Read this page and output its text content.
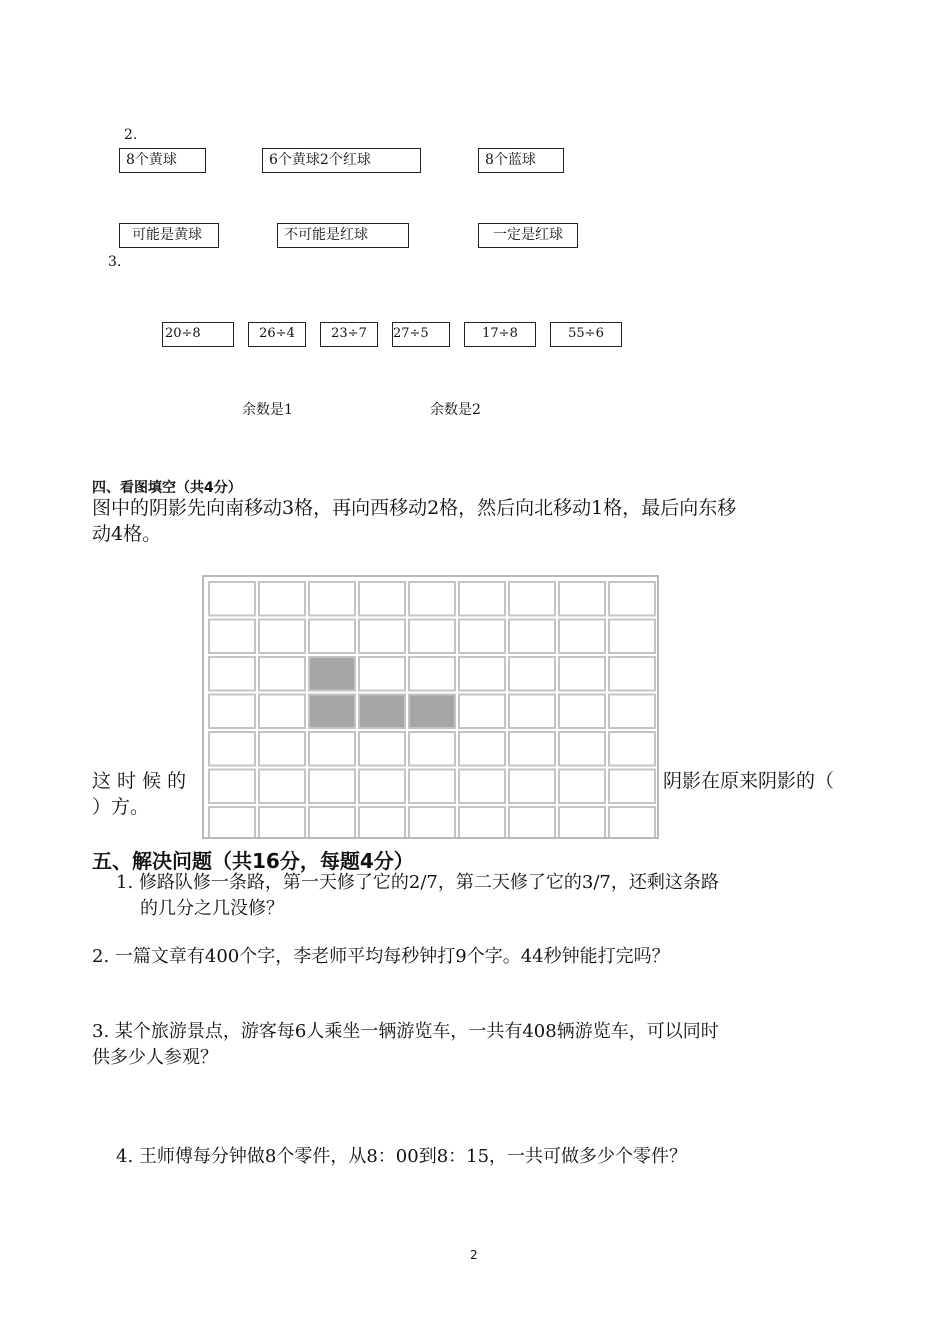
2.
8个黄球	6个黄球2个红球	8个蓝球
可能是黄球	不可能是红球	一定是红球
3.
20÷8	26÷4	23÷7	27÷5	17÷8	55÷6
余数是1	余数是2
四、看图填空（共4分）
图中的阴影先向南移动3格，再向西移动2格，然后向北移动1格，最后向东移
动4格。
这 时 候 的	阴影在原来阴影的（
）方。
五、解决问题（共16分，每题4分）
1. 修路队修一条路，第一天修了它的2/7，第二天修了它的3/7，还剩这条路
的几分之几没修？
2. 一篇文章有400个字，李老师平均每秒钟打9个字。44秒钟能打完吗？
3. 某个旅游景点，游客每6人乘坐一辆游览车，一共有408辆游览车，可以同时
供多少人参观？
4. 王师傅每分钟做8个零件，从8：00到8：15，一共可做多少个零件？
2
